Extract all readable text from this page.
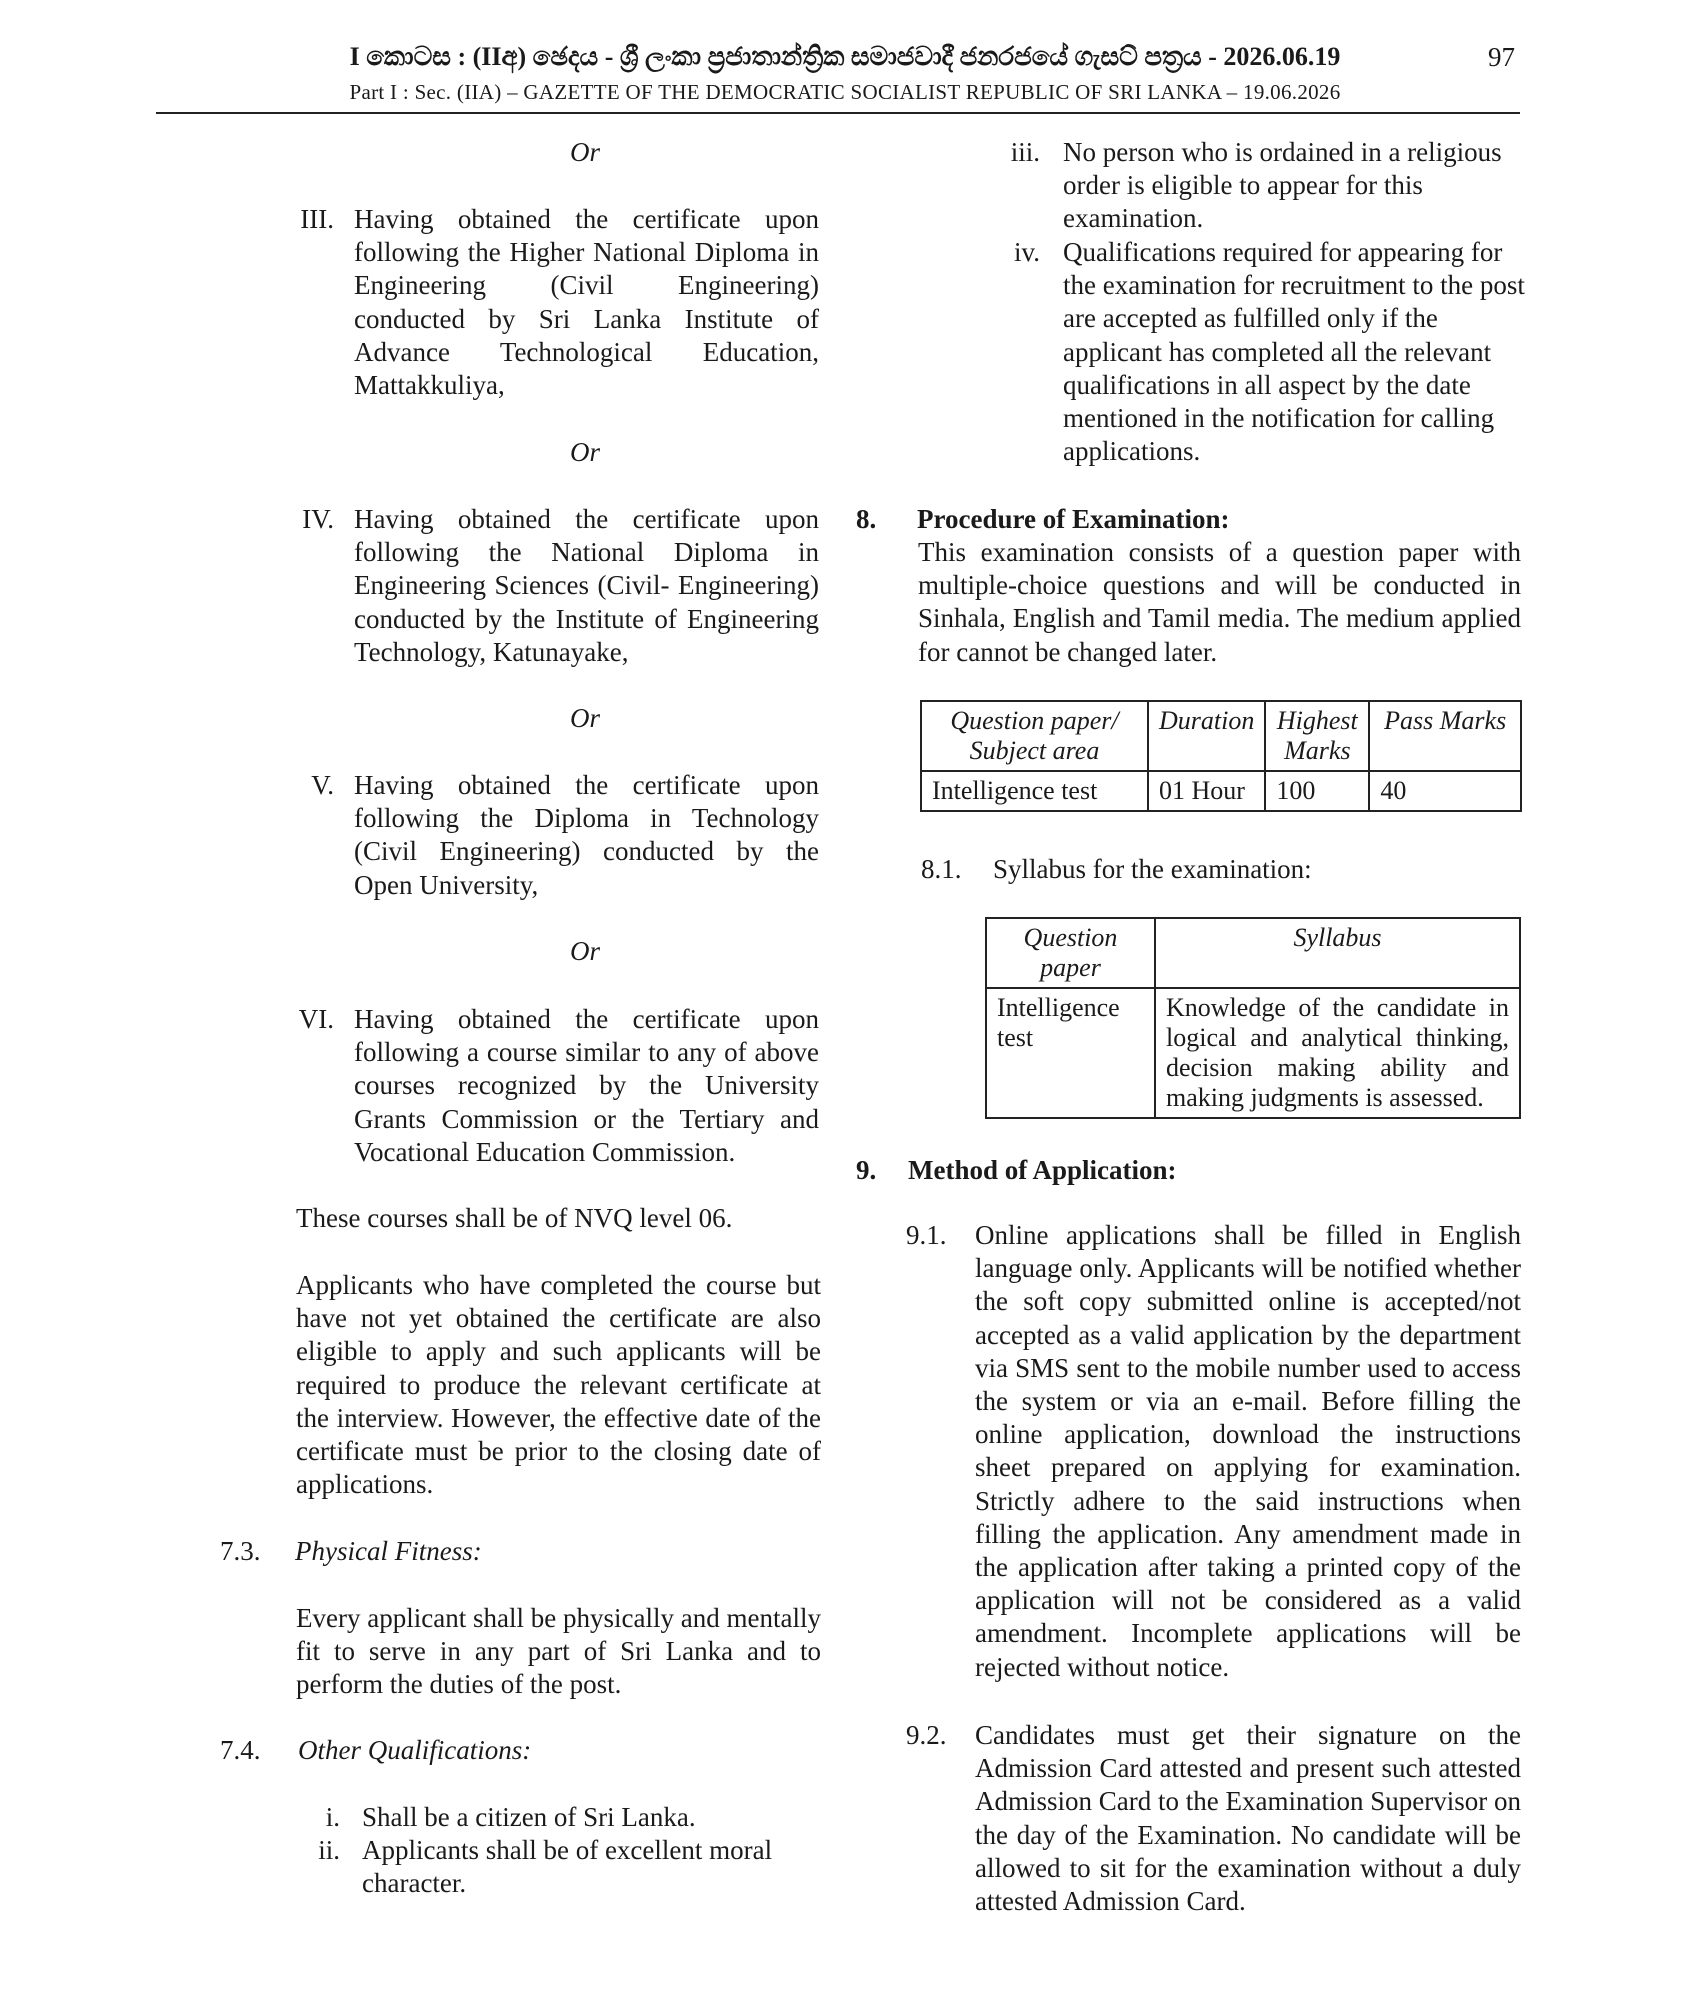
I කොටස : (IIඅ) ඡෙදය - ශ්‍රී ලංකා ප්‍රජාතාන්ත්‍රික සමාජවාදී ජනරජයේ ගැසට් පත්‍රය - 2026.06.19
Part I : Sec. (IIA) – GAZETTE OF THE DEMOCRATIC SOCIALIST REPUBLIC OF SRI LANKA – 19.06.2026
97
Or
III. Having obtained the certificate upon following the Higher National Diploma in Engineering (Civil Engineering) conducted by Sri Lanka Institute of Advance Technological Education, Mattakkuliya,
Or
IV. Having obtained the certificate upon following the National Diploma in Engineering Sciences (Civil- Engineering) conducted by the Institute of Engineering Technology, Katunayake,
Or
V. Having obtained the certificate upon following the Diploma in Technology (Civil Engineering) conducted by the Open University,
Or
VI. Having obtained the certificate upon following a course similar to any of above courses recognized by the University Grants Commission or the Tertiary and Vocational Education Commission.
These courses shall be of NVQ level 06.
Applicants who have completed the course but have not yet obtained the certificate are also eligible to apply and such applicants will be required to produce the relevant certificate at the interview. However, the effective date of the certificate must be prior to the closing date of applications.
7.3. Physical Fitness:
Every applicant shall be physically and mentally fit to serve in any part of Sri Lanka and to perform the duties of the post.
7.4. Other Qualifications:
i. Shall be a citizen of Sri Lanka.
ii. Applicants shall be of excellent moral character.
iii. No person who is ordained in a religious order is eligible to appear for this examination.
iv. Qualifications required for appearing for the examination for recruitment to the post are accepted as fulfilled only if the applicant has completed all the relevant qualifications in all aspect by the date mentioned in the notification for calling applications.
8. Procedure of Examination:
This examination consists of a question paper with multiple-choice questions and will be conducted in Sinhala, English and Tamil media. The medium applied for cannot be changed later.
Question paper/ Subject area	Duration	Highest Marks	Pass Marks
Intelligence test	01 Hour	100	40
8.1. Syllabus for the examination:
Question paper	Syllabus
Intelligence test	Knowledge of the candidate in logical and analytical thinking, decision making ability and making judgments is assessed.
9. Method of Application:
9.1. Online applications shall be filled in English language only. Applicants will be notified whether the soft copy submitted online is accepted/not accepted as a valid application by the department via SMS sent to the mobile number used to access the system or via an e-mail. Before filling the online application, download the instructions sheet prepared on applying for examination. Strictly adhere to the said instructions when filling the application. Any amendment made in the application after taking a printed copy of the application will not be considered as a valid amendment. Incomplete applications will be rejected without notice.
9.2. Candidates must get their signature on the Admission Card attested and present such attested Admission Card to the Examination Supervisor on the day of the Examination. No candidate will be allowed to sit for the examination without a duly attested Admission Card.
